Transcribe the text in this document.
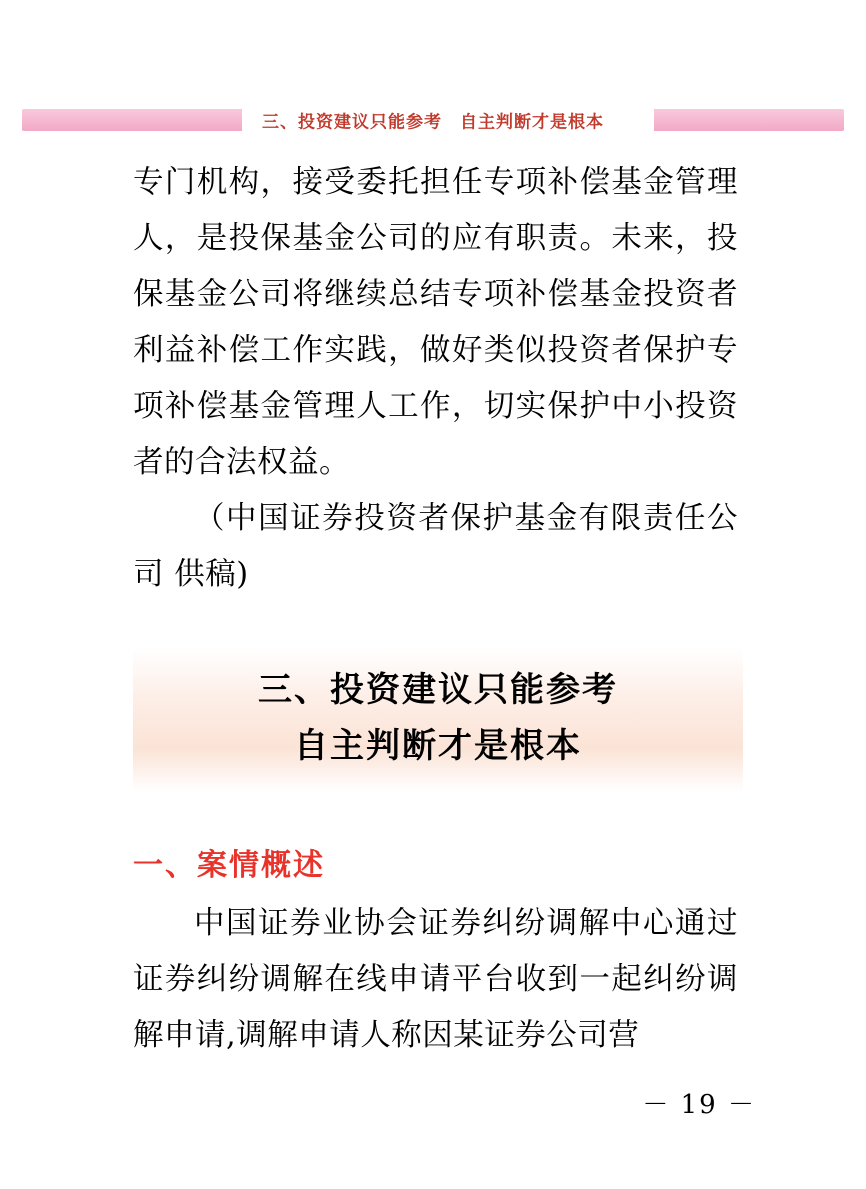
三、投资建议只能参考 自主判断才是根本

专门机构，接受委托担任专项补偿基金管理人，是投保基金公司的应有职责。未来，投保基金公司将继续总结专项补偿基金投资者利益补偿工作实践，做好类似投资者保护专项补偿基金管理人工作，切实保护中小投资者的合法权益。

（中国证券投资者保护基金有限责任公司 供稿)

三、投资建议只能参考
自主判断才是根本
一、案情概述

中国证券业协会证券纠纷调解中心通过证券纠纷调解在线申请平台收到一起纠纷调解申请,调解申请人称因某证券公司营

－ 19 －
